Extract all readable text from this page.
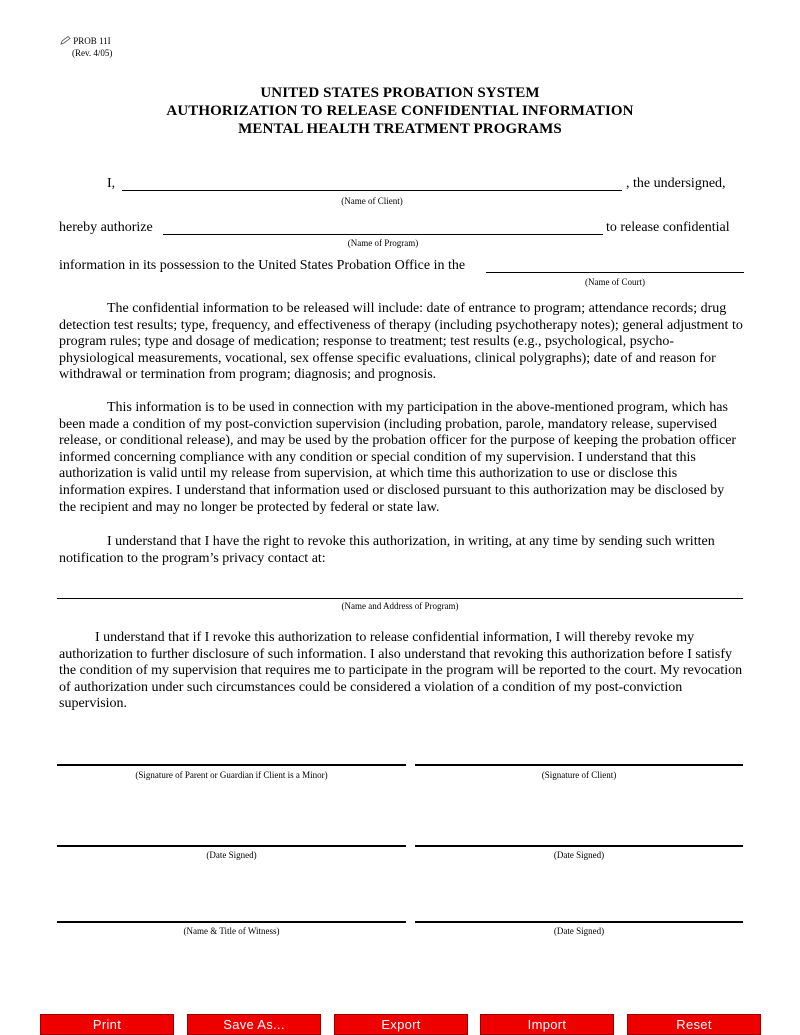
PROB 11I
(Rev. 4/05)
UNITED STATES PROBATION SYSTEM
AUTHORIZATION TO RELEASE CONFIDENTIAL INFORMATION
MENTAL HEALTH TREATMENT PROGRAMS
I,	, the undersigned,
(Name of Client)
hereby authorize	to release confidential
(Name of Program)
information in its possession to the United States Probation Office in the
(Name of Court)

The confidential information to be released will include: date of entrance to program; attendance records; drug detection test results; type, frequency, and effectiveness of therapy (including psychotherapy notes); general adjustment to program rules; type and dosage of medication; response to treatment; test results (e.g., psychological, psycho-physiological measurements, vocational, sex offense specific evaluations, clinical polygraphs); date of and reason for withdrawal or termination from program; diagnosis; and prognosis.

This information is to be used in connection with my participation in the above-mentioned program, which has been made a condition of my post-conviction supervision (including probation, parole, mandatory release, supervised release, or conditional release), and may be used by the probation officer for the purpose of keeping the probation officer informed concerning compliance with any condition or special condition of my supervision. I understand that this authorization is valid until my release from supervision, at which time this authorization to use or disclose this information expires. I understand that information used or disclosed pursuant to this authorization may be disclosed by the recipient and may no longer be protected by federal or state law.

I understand that I have the right to revoke this authorization, in writing, at any time by sending such written notification to the program’s privacy contact at:

(Name and Address of Program)

I understand that if I revoke this authorization to release confidential information, I will thereby revoke my authorization to further disclosure of such information. I also understand that revoking this authorization before I satisfy the condition of my supervision that requires me to participate in the program will be reported to the court. My revocation of authorization under such circumstances could be considered a violation of a condition of my post-conviction supervision.

(Signature of Parent or Guardian if Client is a Minor)	(Signature of Client)
(Date Signed)	(Date Signed)
(Name & Title of Witness)	(Date Signed)
Print	Save As...	Export	Import	Reset
